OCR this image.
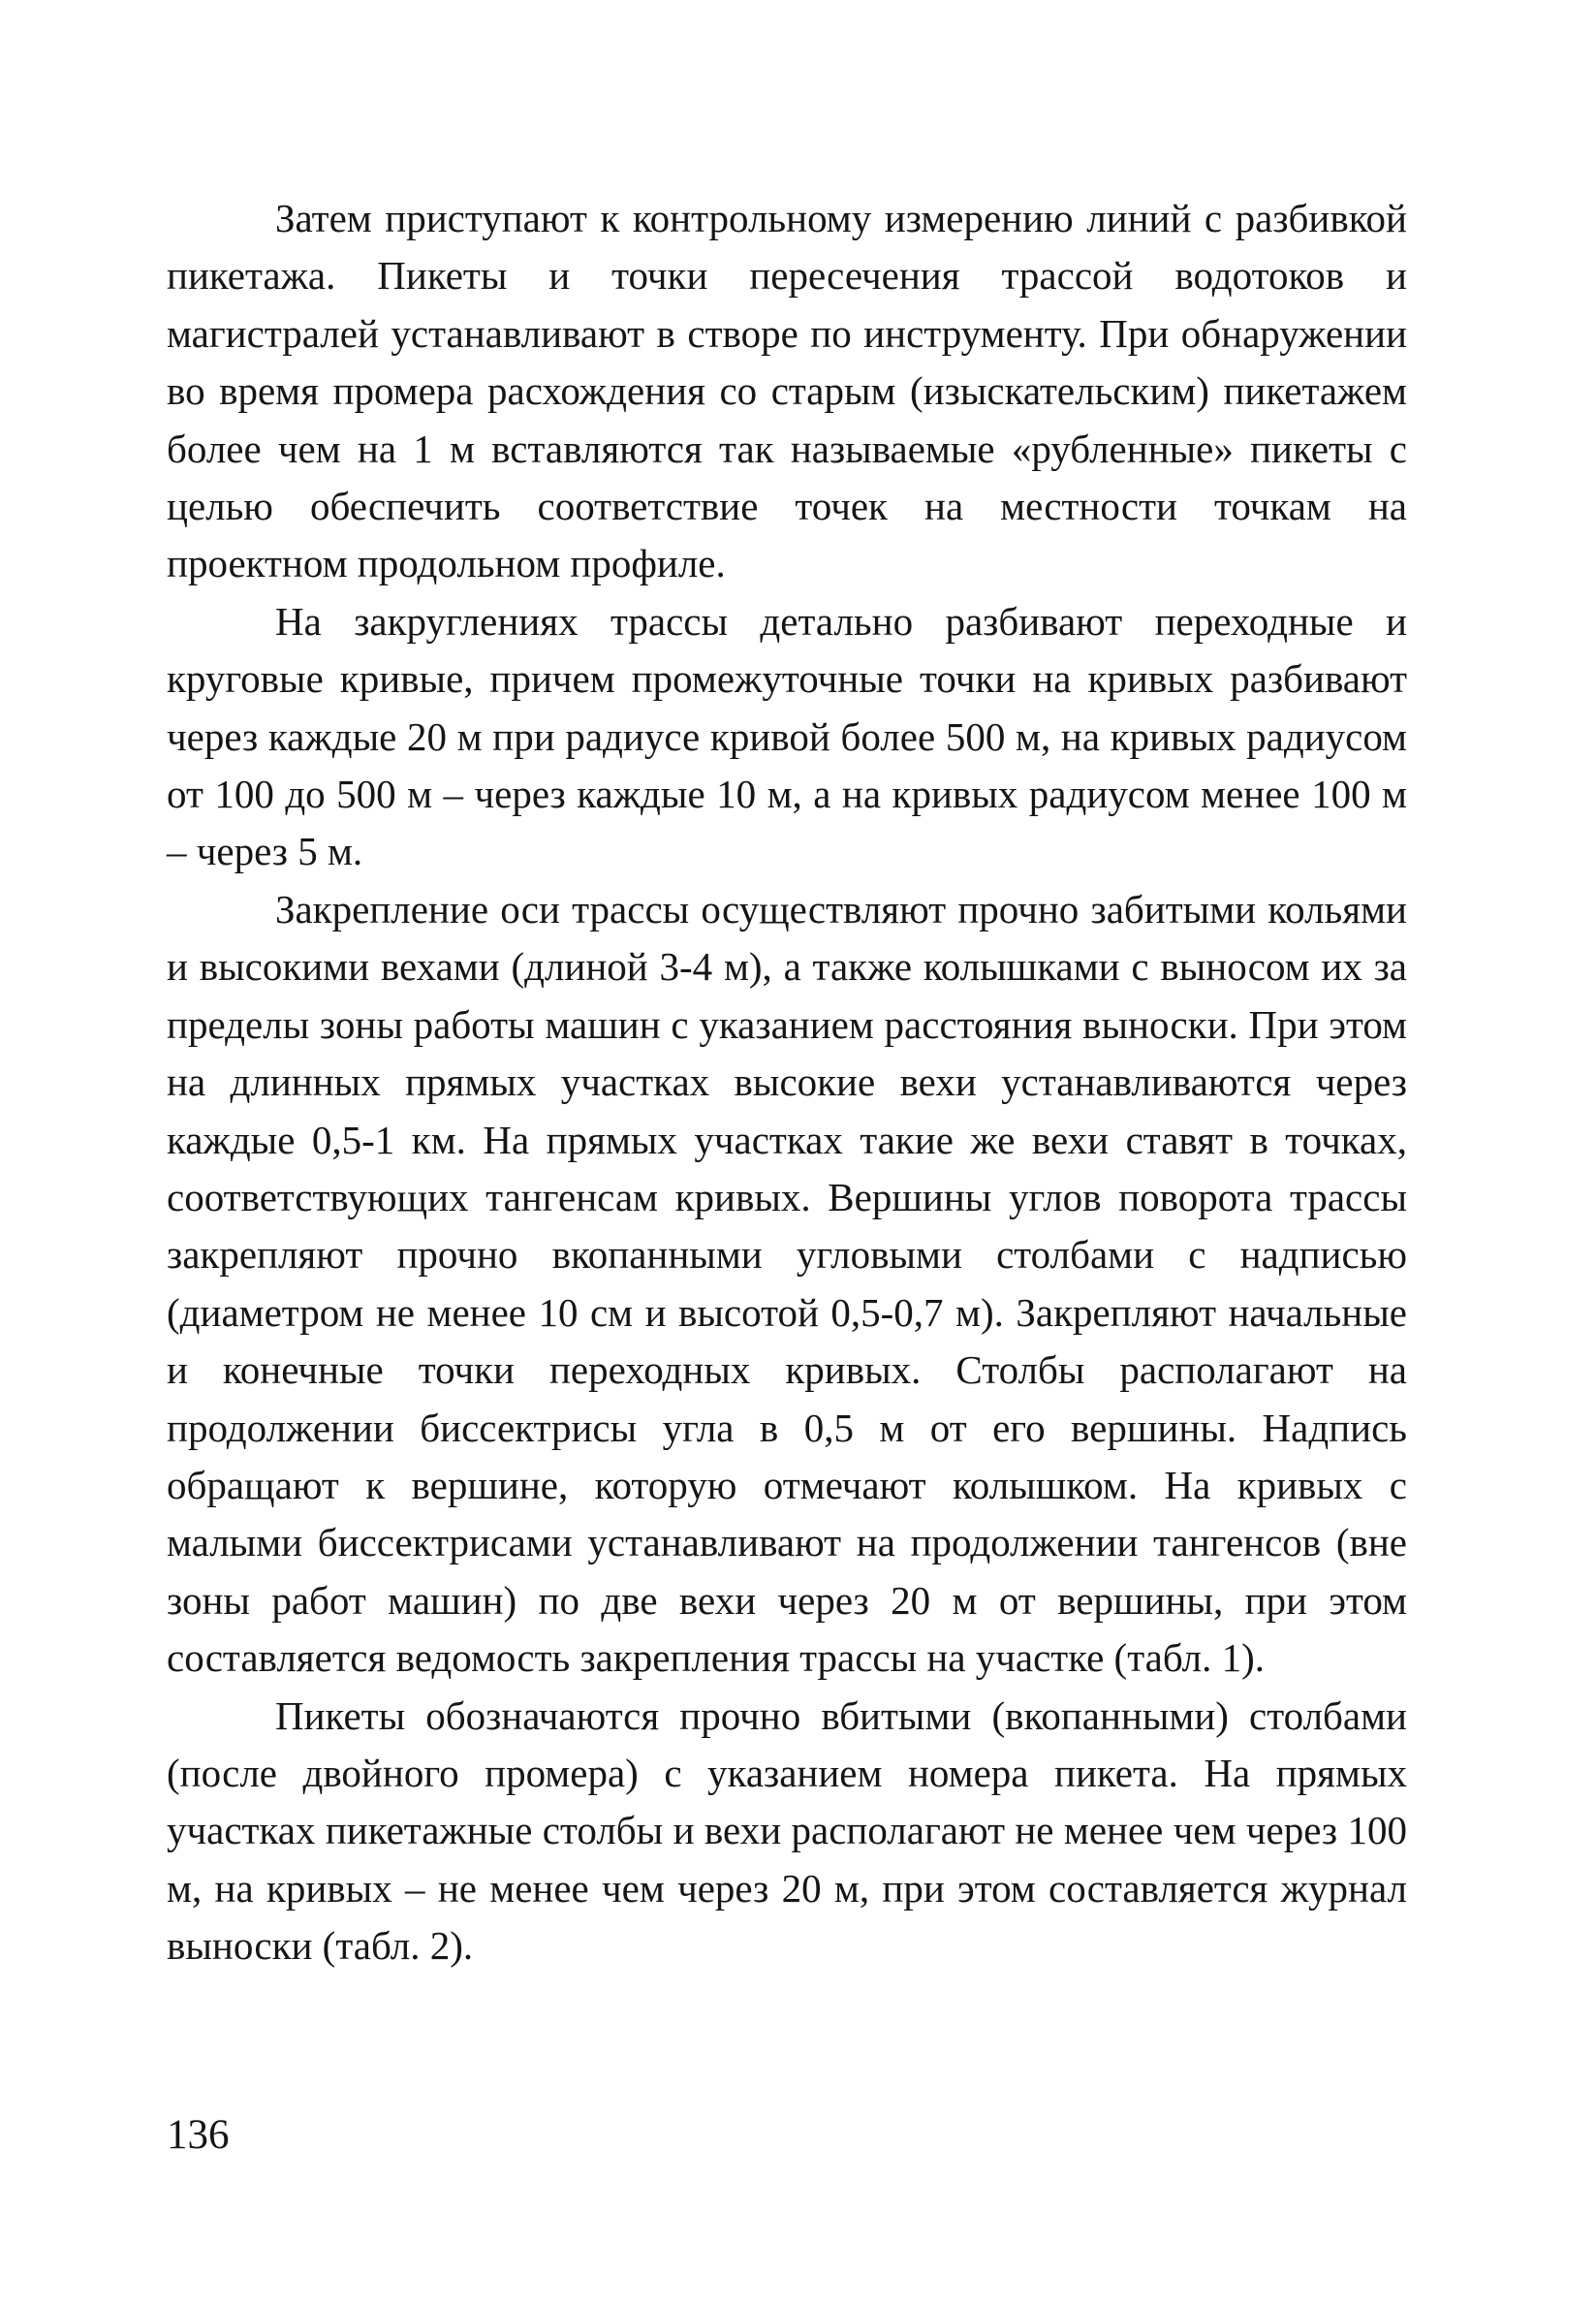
Затем приступают к контрольному измерению линий с разбивкой пикетажа. Пикеты и точки пересечения трассой водотоков и магистралей устанавливают в створе по инструменту. При обнаружении во время промера расхождения со старым (изыскательским) пикетажем более чем на 1 м вставляются так называемые «рубленные» пикеты с целью обеспечить соответствие точек на местности точкам на проектном продольном профиле.

На закруглениях трассы детально разбивают переходные и круговые кривые, причем промежуточные точки на кривых разбивают через каждые 20 м при радиусе кривой более 500 м, на кривых радиусом от 100 до 500 м – через каждые 10 м, а на кривых радиусом менее 100 м – через 5 м.

Закрепление оси трассы осуществляют прочно забитыми кольями и высокими вехами (длиной 3-4 м), а также колышками с выносом их за пределы зоны работы машин с указанием расстояния выноски. При этом на длинных прямых участках высокие вехи устанавливаются через каждые 0,5-1 км. На прямых участках такие же вехи ставят в точках, соответствующих тангенсам кривых. Вершины углов поворота трассы закрепляют прочно вкопанными угловыми столбами с надписью (диаметром не менее 10 см и высотой 0,5-0,7 м). Закрепляют начальные и конечные точки переходных кривых. Столбы располагают на продолжении биссектрисы угла в 0,5 м от его вершины. Надпись обращают к вершине, которую отмечают колышком. На кривых с малыми биссектрисами устанавливают на продолжении тангенсов (вне зоны работ машин) по две вехи через 20 м от вершины, при этом составляется ведомость закрепления трассы на участке (табл. 1).

Пикеты обозначаются прочно вбитыми (вкопанными) столбами (после двойного промера) с указанием номера пикета. На прямых участках пикетажные столбы и вехи располагают не менее чем через 100 м, на кривых – не менее чем через 20 м, при этом составляется журнал выноски (табл. 2).

136
